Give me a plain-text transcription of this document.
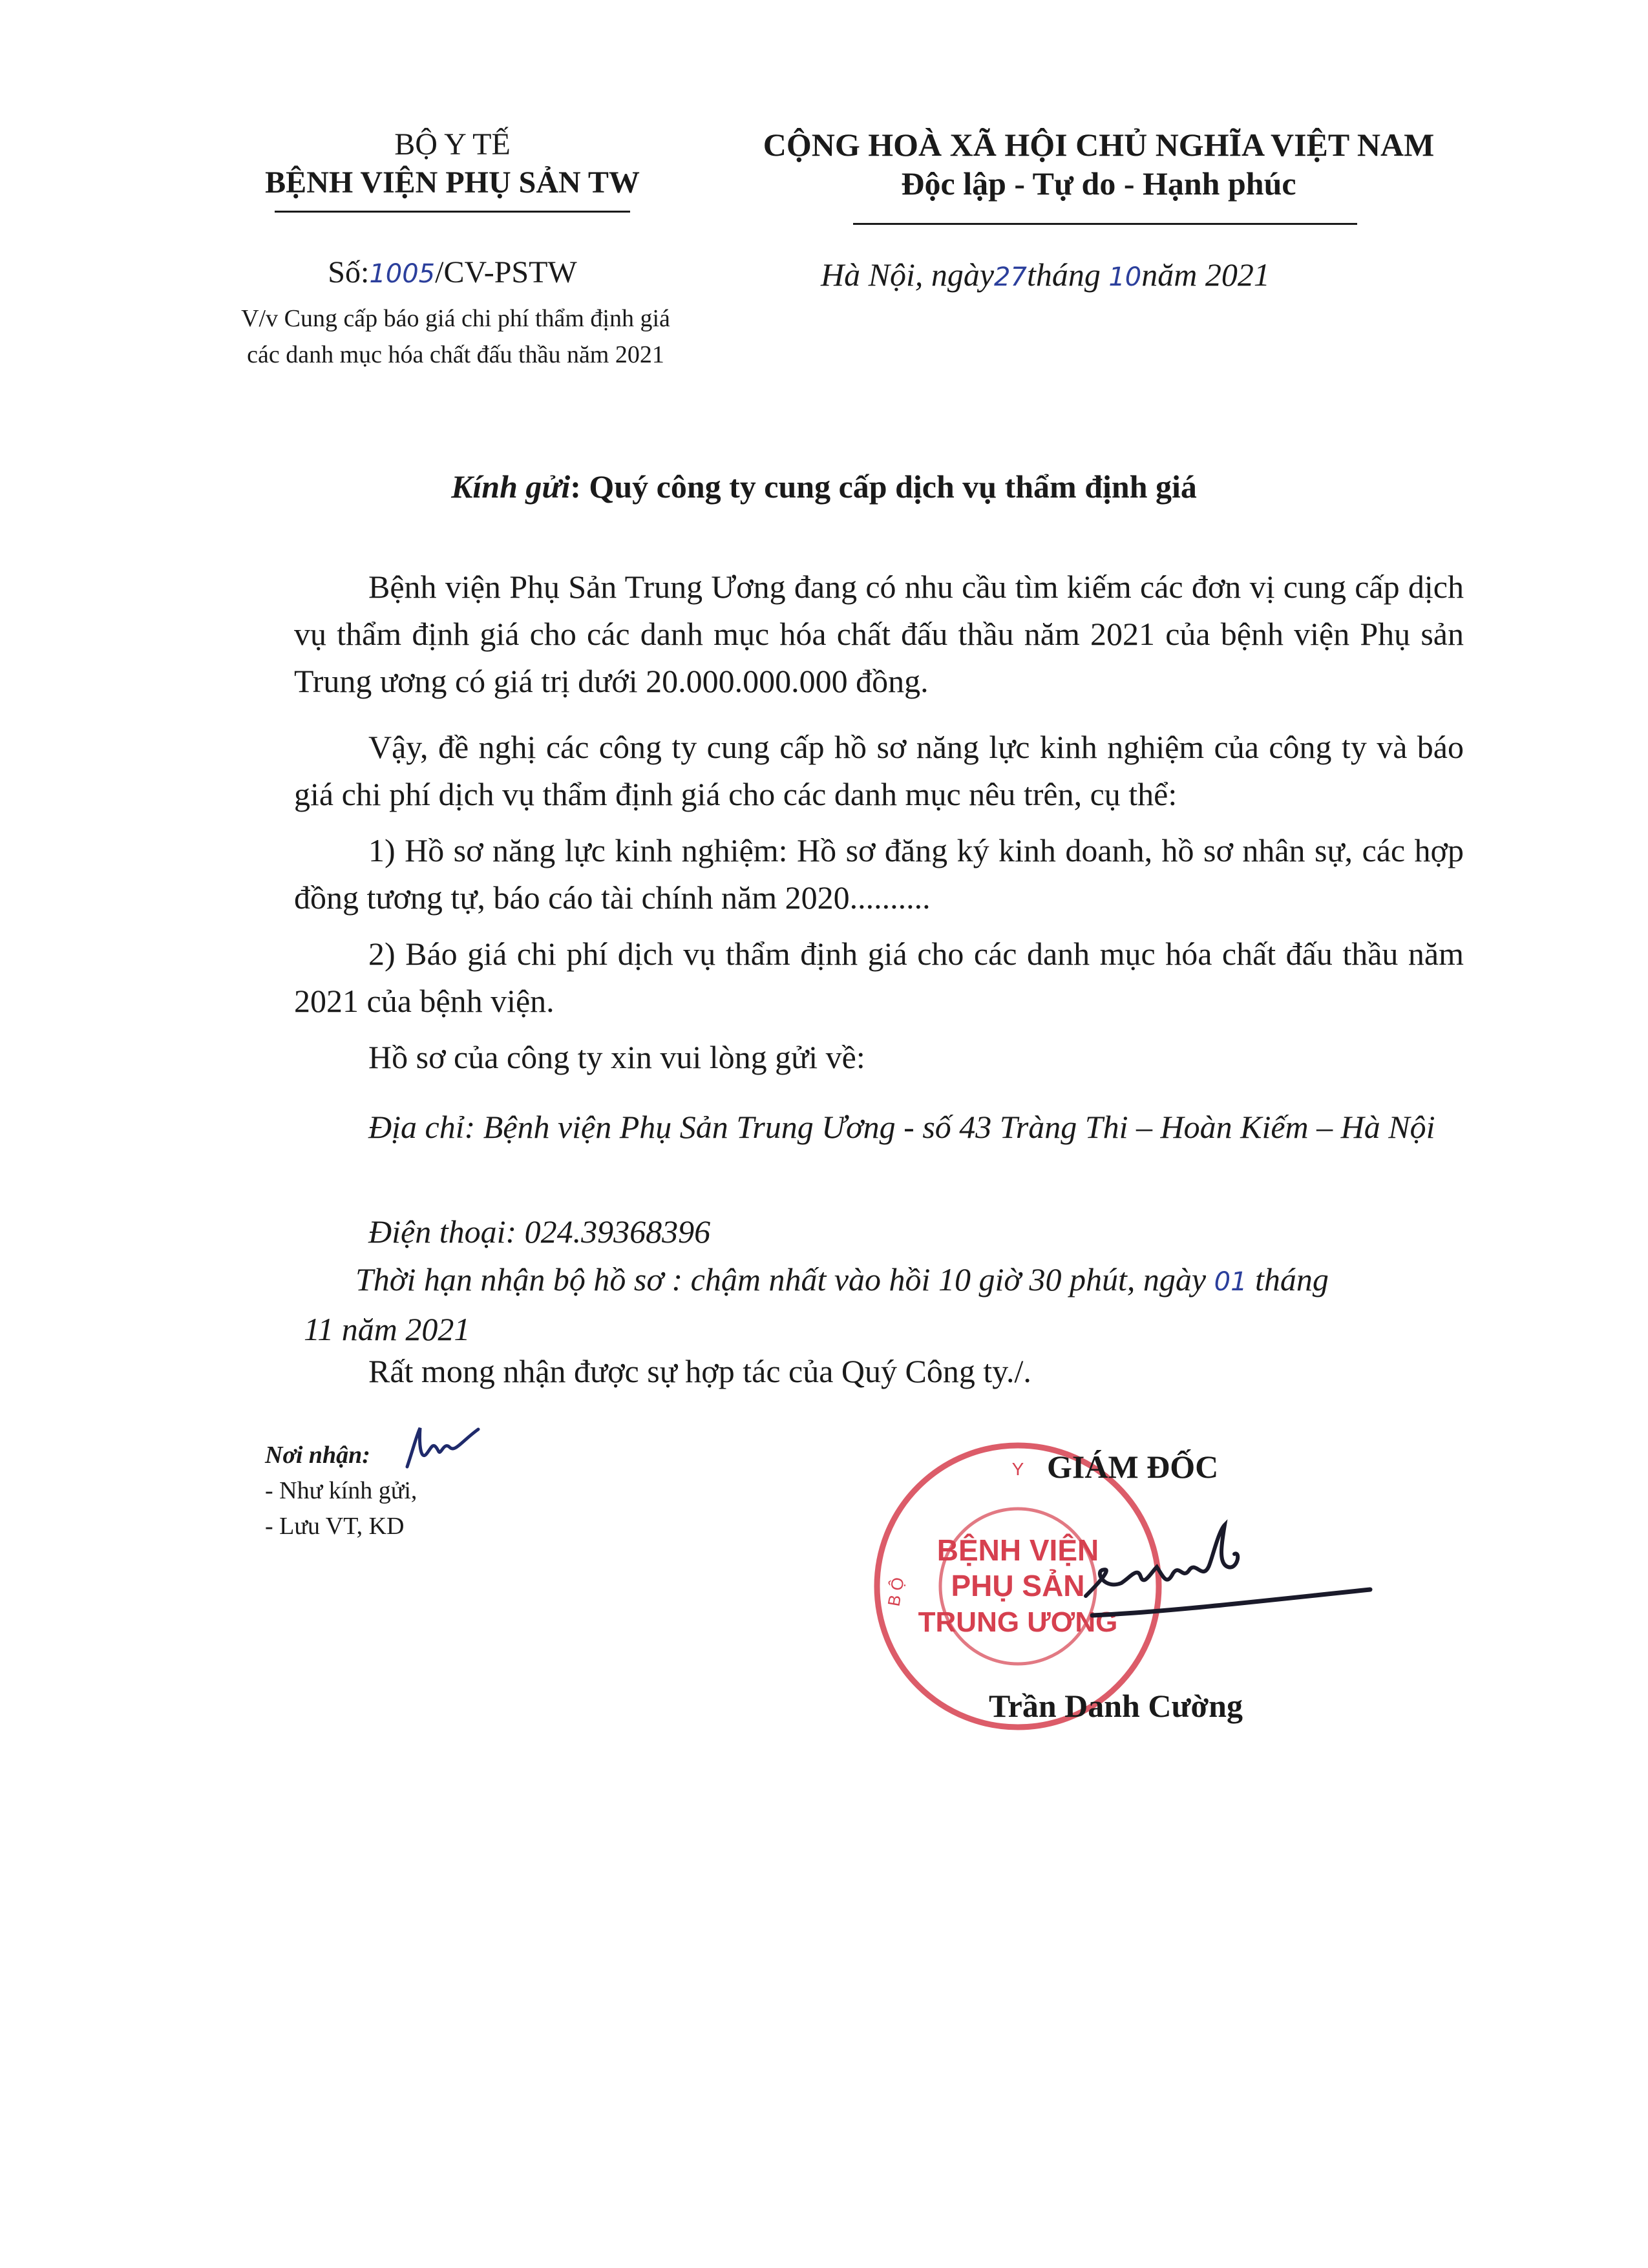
BỘ Y TẾ
BỆNH VIỆN PHỤ SẢN TW
CỘNG HOÀ XÃ HỘI CHỦ NGHĨA VIỆT NAM
Độc lập - Tự do - Hạnh phúc
Số:1005/CV-PSTW
V/v Cung cấp báo giá chi phí thẩm định giá các danh mục hóa chất đấu thầu năm 2021
Hà Nội, ngày27tháng 10năm 2021
Kính gửi: Quý công ty cung cấp dịch vụ thẩm định giá
Bệnh viện Phụ Sản Trung Ương đang có nhu cầu tìm kiếm các đơn vị cung cấp dịch vụ thẩm định giá cho các danh mục hóa chất đấu thầu năm 2021 của bệnh viện Phụ sản Trung ương có giá trị dưới 20.000.000.000 đồng.
Vậy, đề nghị các công ty cung cấp hồ sơ năng lực kinh nghiệm của công ty và báo giá chi phí dịch vụ thẩm định giá cho các danh mục nêu trên, cụ thể:
1) Hồ sơ năng lực kinh nghiệm: Hồ sơ đăng ký kinh doanh, hồ sơ nhân sự, các hợp đồng tương tự, báo cáo tài chính năm 2020..........
2) Báo giá chi phí dịch vụ thẩm định giá cho các danh mục hóa chất đấu thầu năm 2021 của bệnh viện.
Hồ sơ của công ty xin vui lòng gửi về:
Địa chỉ: Bệnh viện Phụ Sản Trung Ương - số 43 Tràng Thi – Hoàn Kiếm – Hà Nội
Điện thoại: 024.39368396
Thời hạn nhận bộ hồ sơ : chậm nhất vào hồi 10 giờ 30 phút, ngày 01 tháng
11 năm 2021
Rất mong nhận được sự hợp tác của Quý Công ty./.
Nơi nhận:
- Như kính gửi,
- Lưu VT, KD
Y
B Ộ
BỆNH VIỆN
PHỤ SẢN
TRUNG ƯƠNG
GIÁM ĐỐC
Trần Danh Cường
